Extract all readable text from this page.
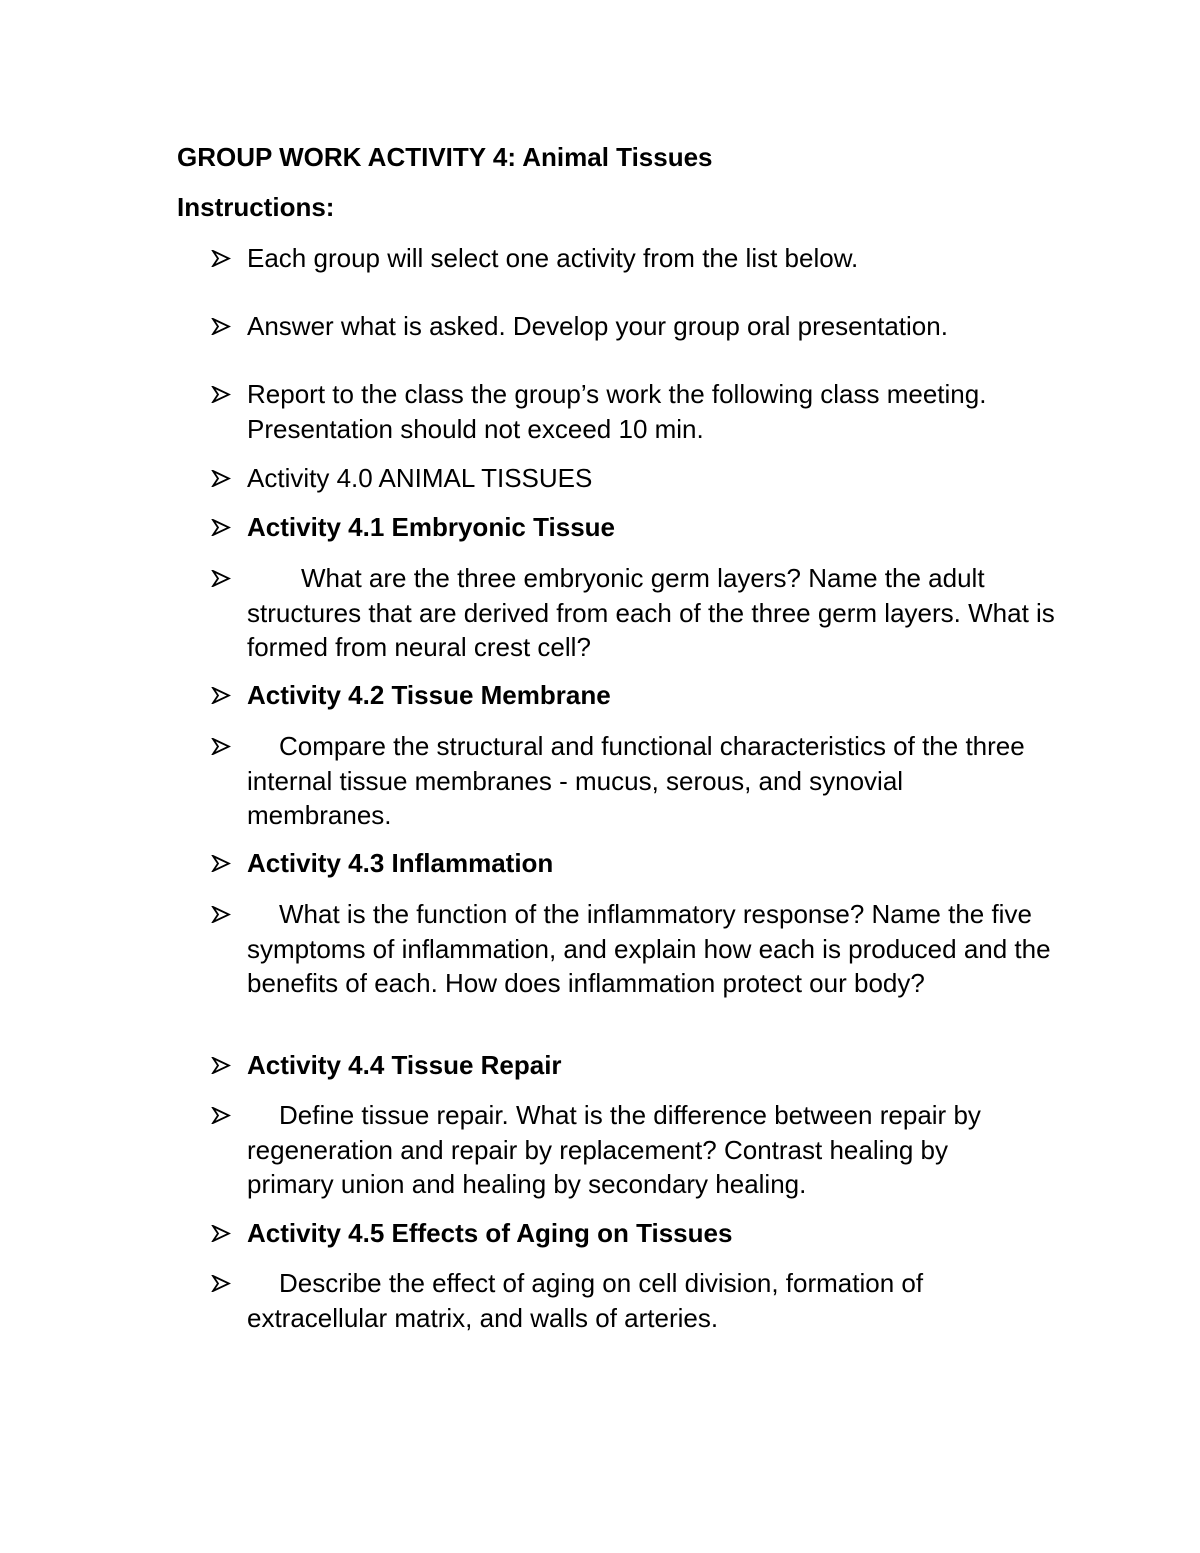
GROUP WORK ACTIVITY 4: Animal Tissues
Instructions:
Each group will select one activity from the list below.
Answer what is asked. Develop your group oral presentation.
Report to the class the group’s work the following class meeting. Presentation should not exceed 10 min.
Activity 4.0 ANIMAL TISSUES
Activity 4.1 Embryonic Tissue
What are the three embryonic germ layers? Name the adult structures that are derived from each of the three germ layers. What is formed from neural crest cell?
Activity 4.2 Tissue Membrane
Compare the structural and functional characteristics of the three internal tissue membranes - mucus, serous, and synovial membranes.
Activity 4.3 Inflammation
What is the function of the inflammatory response? Name the five symptoms of inflammation, and explain how each is produced and the benefits of each. How does inflammation protect our body?
Activity 4.4 Tissue Repair
Define tissue repair. What is the difference between repair by regeneration and repair by replacement? Contrast healing by primary union and healing by secondary healing.
Activity 4.5 Effects of Aging on Tissues
Describe the effect of aging on cell division, formation of extracellular matrix, and walls of arteries.
